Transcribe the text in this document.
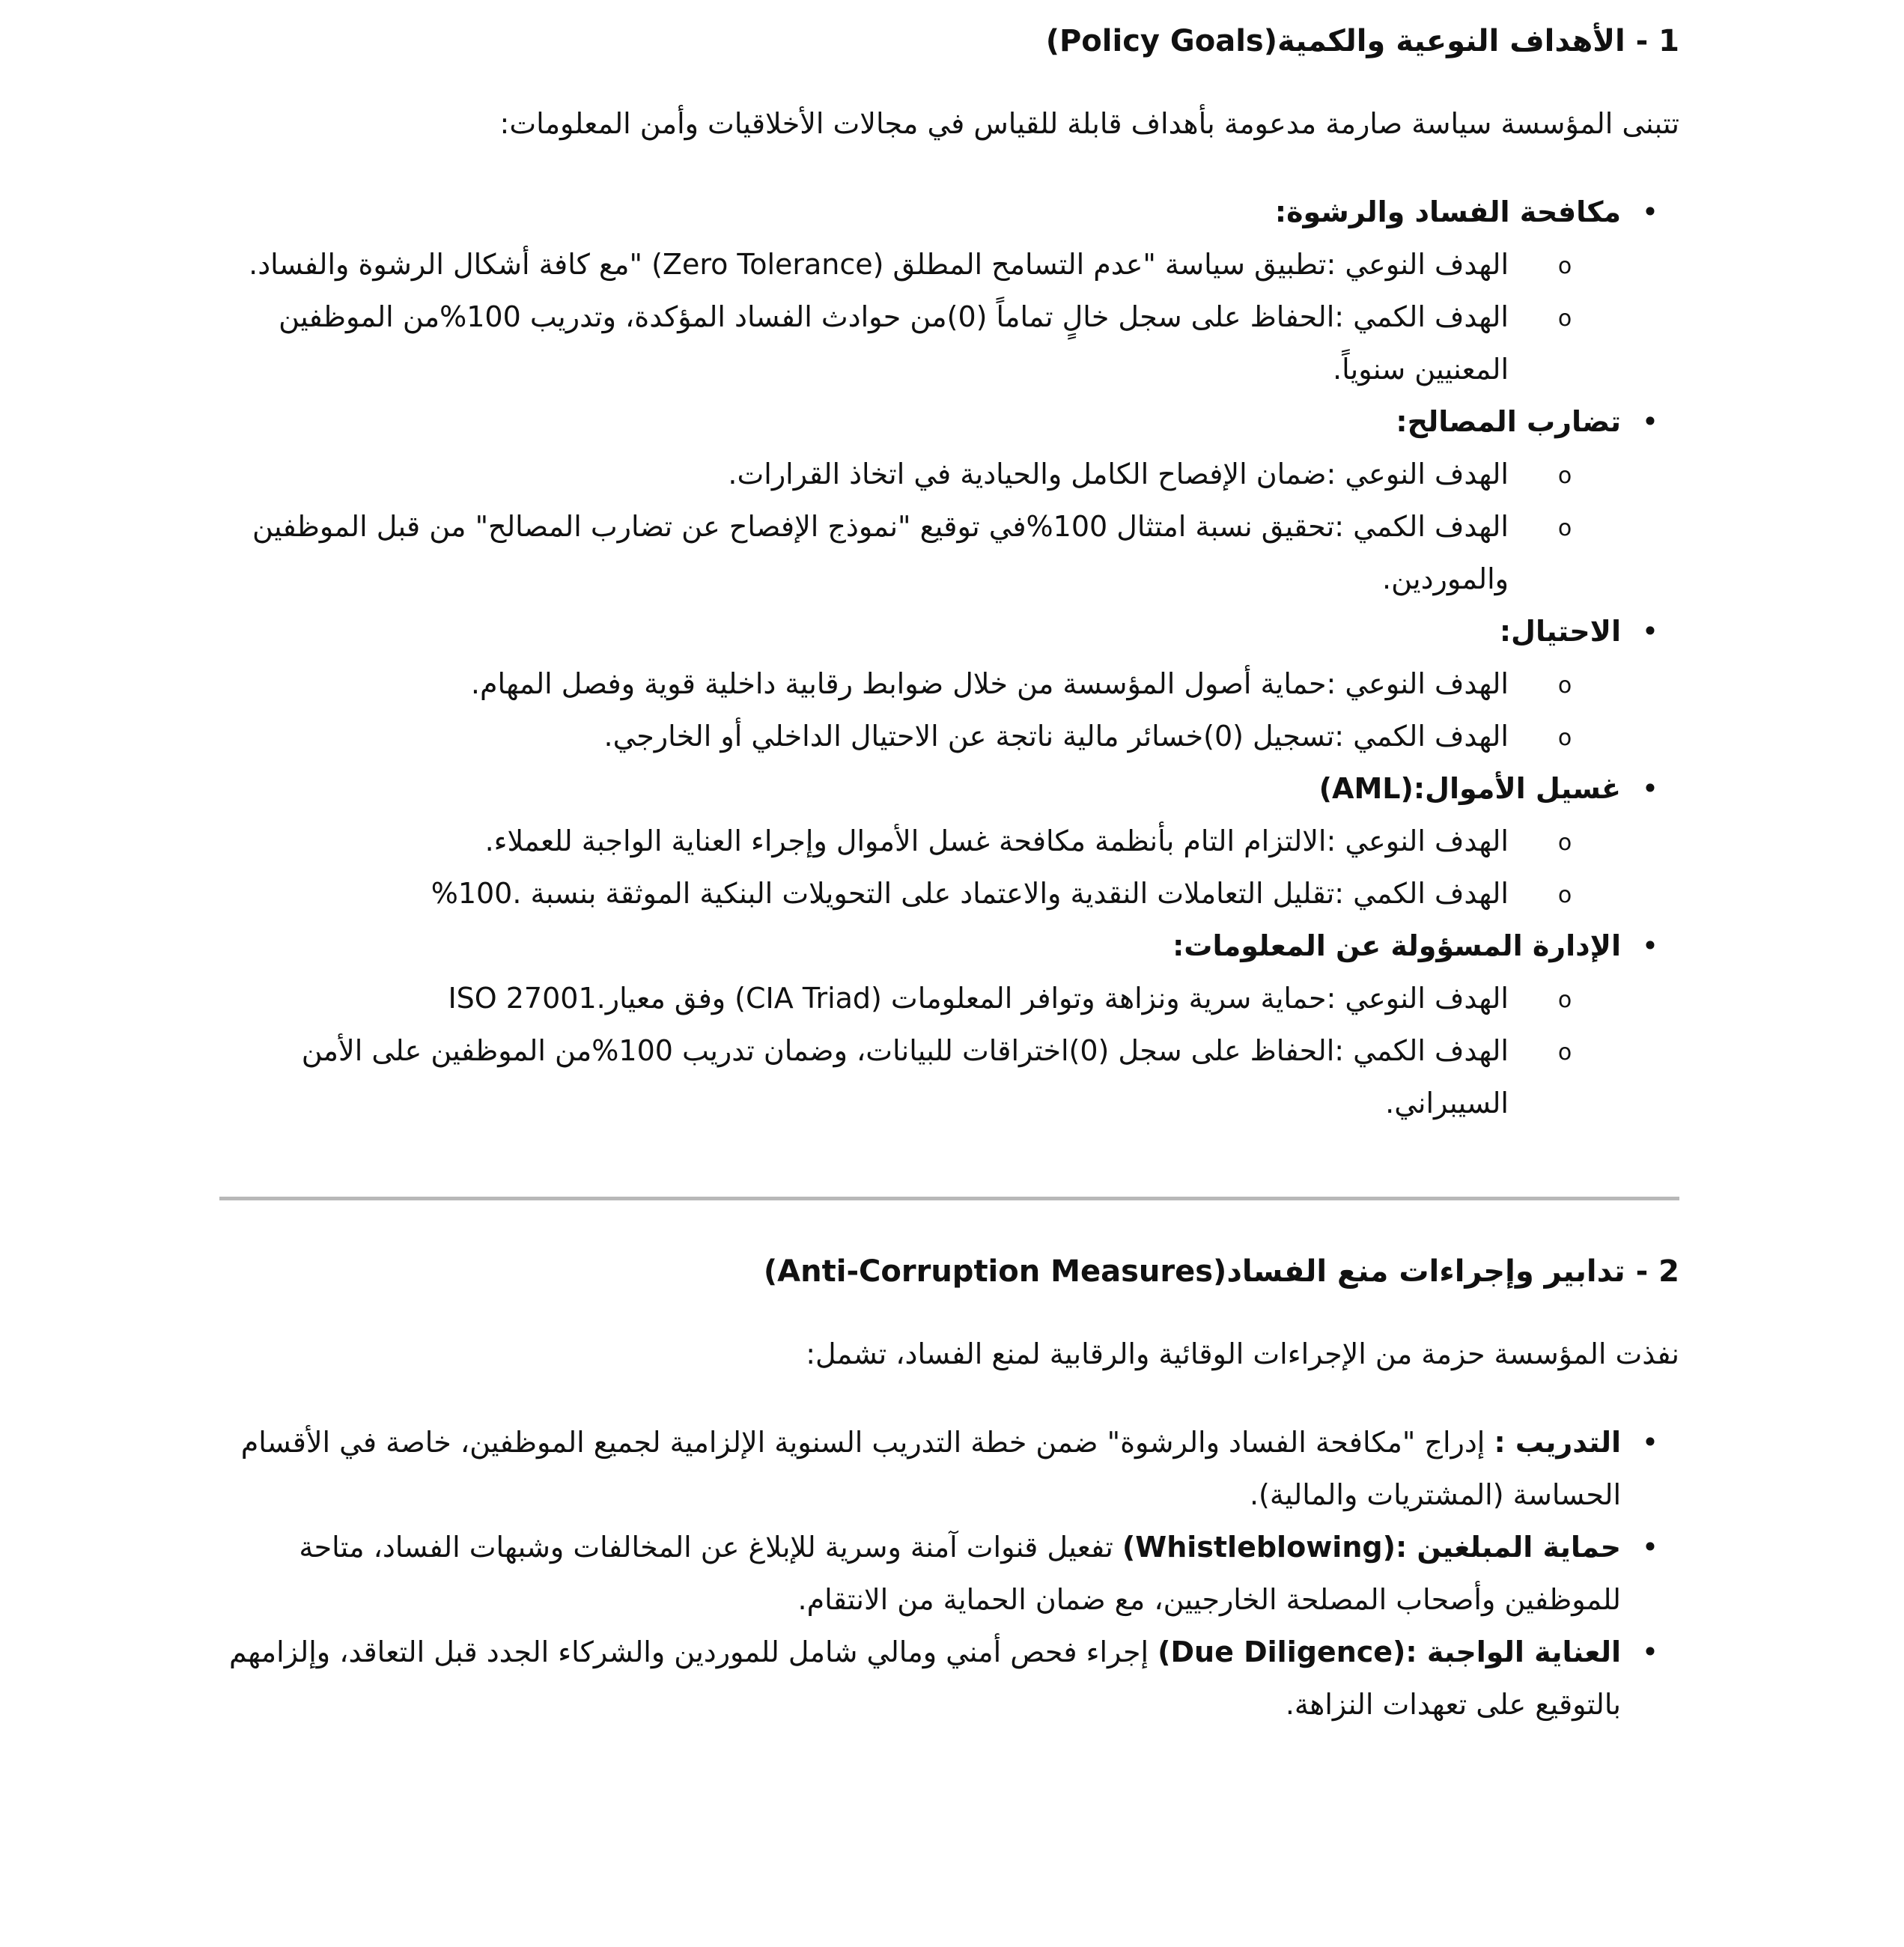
1 - الأهداف النوعية والكمية(Policy Goals)

تتبنى المؤسسة سياسة صارمة مدعومة بأهداف قابلة للقياس في مجالات الأخلاقيات وأمن المعلومات:

• مكافحة الفساد والرشوة:
o الهدف النوعي :تطبيق سياسة "عدم التسامح المطلق (Zero Tolerance) "مع كافة أشكال الرشوة والفساد.
o الهدف الكمي :الحفاظ على سجل خالٍ تماماً (0)من حوادث الفساد المؤكدة، وتدريب 100%من الموظفين المعنيين سنوياً.
• تضارب المصالح:
o الهدف النوعي :ضمان الإفصاح الكامل والحيادية في اتخاذ القرارات.
o الهدف الكمي :تحقيق نسبة امتثال 100%في توقيع "نموذج الإفصاح عن تضارب المصالح" من قبل الموظفين والموردين.
• الاحتيال:
o الهدف النوعي :حماية أصول المؤسسة من خلال ضوابط رقابية داخلية قوية وفصل المهام.
o الهدف الكمي :تسجيل (0)خسائر مالية ناتجة عن الاحتيال الداخلي أو الخارجي.
• غسيل الأموال:(AML)
o الهدف النوعي :الالتزام التام بأنظمة مكافحة غسل الأموال وإجراء العناية الواجبة للعملاء.
o الهدف الكمي :تقليل التعاملات النقدية والاعتماد على التحويلات البنكية الموثقة بنسبة .100%
• الإدارة المسؤولة عن المعلومات:
o الهدف النوعي :حماية سرية ونزاهة وتوافر المعلومات (CIA Triad) وفق معيار.ISO 27001
o الهدف الكمي :الحفاظ على سجل (0)اختراقات للبيانات، وضمان تدريب 100%من الموظفين على الأمن السيبراني.
2 - تدابير وإجراءات منع الفساد(Anti-Corruption Measures)

نفذت المؤسسة حزمة من الإجراءات الوقائية والرقابية لمنع الفساد، تشمل:

• التدريب : إدراج "مكافحة الفساد والرشوة" ضمن خطة التدريب السنوية الإلزامية لجميع الموظفين، خاصة في الأقسام الحساسة (المشتريات والمالية).
• حماية المبلغين :(Whistleblowing) تفعيل قنوات آمنة وسرية للإبلاغ عن المخالفات وشبهات الفساد، متاحة للموظفين وأصحاب المصلحة الخارجيين، مع ضمان الحماية من الانتقام.
• العناية الواجبة :(Due Diligence) إجراء فحص أمني ومالي شامل للموردين والشركاء الجدد قبل التعاقد، وإلزامهم بالتوقيع على تعهدات النزاهة.
